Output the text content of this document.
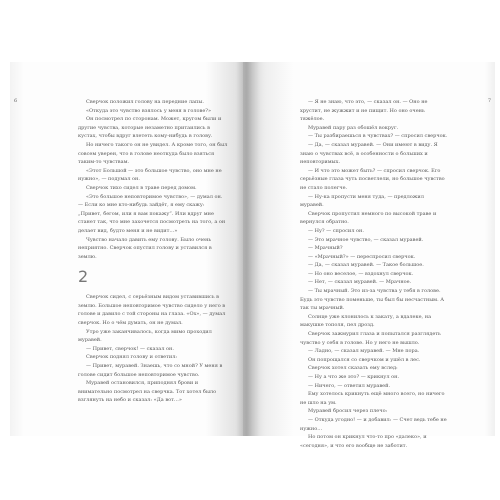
6	Сверчок положил голову на передние лапы.

«Откуда это чувство взялось у меня в голове?»

Он посмотрел по сторонам. Может, кругом были и другие чувства, которые незаметно притаились в кустах, чтобы вдруг влететь кому-нибудь в голову.

Но ничего такого он не увидел. А кроме того, он был совсем уверен, что в голове неоткуда было взяться таким-то чувствам.

«Этот Большой — это большое чувство, оно мне не нужно», — подумал он.

Сверчок тихо сидел в траве перед домом.

«Это большое неповторимое чувство», — думал он. — Если ко мне кто-нибудь зайдёт, я ему скажу: „Привет, бегом, или я вам покажу“. Или вдруг мне станет так, что мне захочется посмотреть на того, а он делает вид, будто меня и не видит…»

Чувство начало давить ему голову. Было очень неприятно. Сверчок опустил голову и уставился в землю.

2

Сверчок сидел, с серьёзным видом уставившись в землю. Большое неповторимое чувство сидело у него в голове и давило с той стороны на глаза. «Ох», — думал сверчок. Но о чём думать, он не думал.

Утро уже заканчивалось, когда мимо проходил муравей.

— Привет, сверчок! — сказал он.

Сверчок поднял голову и ответил:

— Привет, муравей. Знаешь, что со мной? У меня в голове сидит большое неповторимое чувство.

Муравей остановился, приподнял брови и внимательно посмотрел на сверчка. Тот хотел было взглянуть на небо и сказал: «Да вот…»

7

— Я не знаю, что это, — сказал он. — Оно не хрустит, не жужжит и не пищит. Но оно очень тяжёлое.

Муравей пару раз обошёл вокруг.

— Ты разбираешься в чувствах? — спросил сверчок.

— Да, — сказал муравей. — Они имеют в виду. Я знаю о чувствах всё, в особенности о больших и неповторимых.

— И что это может быть? — спросил сверчок. Его серьёзные глаза чуть посветлели, но большое чувство не стало полегче.

— Ну-ка пропусти меня туда, — предложил муравей.

Сверчок пропустил немного по высокой траве и вернулся обратно.

— Ну? — спросил он.

— Это мрачное чувство, — сказал муравей.

— Мрачный?

— «Мрачный?» — переспросил сверчок.

— Да, — сказал муравей. — Такое большое.

— Но оно веселое, — вздохнул сверчок.

— Нет, — сказал муравей. — Мрачное.

— Ты мрачный. Это из-за чувства у тебя в голове. Будь это чувство поменьше, ты был бы несчастным. А так ты мрачный.

Солнце уже клонилось к закату, а вдалеке, на макушке тополя, пел дрозд.

Сверчок зажмурил глаза и попытался разглядеть чувство у себя в голове. Но у него не вышло.

— Ладно, — сказал муравей. — Мне пора.

Он попрощался со сверчком и ушёл в лес.

Сверчок хотел сказать ему вслед:

— Ну а что же это? — крикнул он.

— Ничего, — ответил муравей.

Ему хотелось крикнуть ещё много всего, но ничего не шло на ум.

Муравей бросил через плечо:

— Откуда угодно! — и добавил: — Счет ведь тебе не нужно…

Но потом он крикнул что-то про «далеко», и «сегодня», и что его вообще не заботит.
